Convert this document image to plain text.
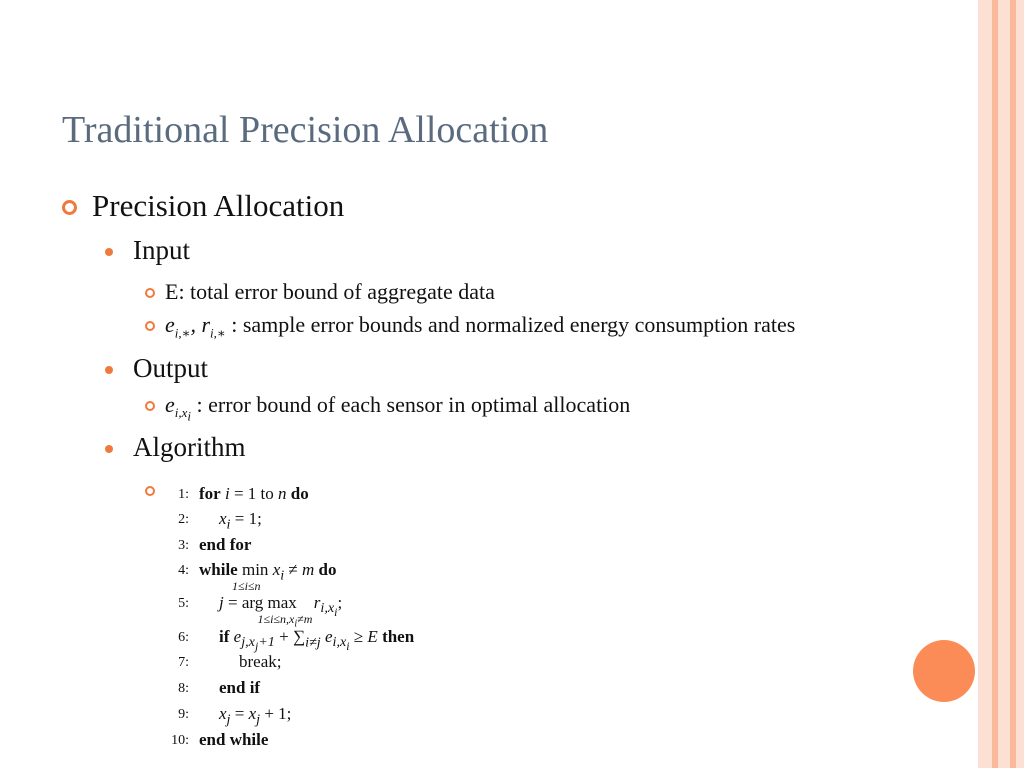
Traditional Precision Allocation
Precision Allocation
Input
E: total error bound of aggregate data
$e_{i,∗}$, $r_{i,∗}$ : sample error bounds and normalized energy consumption rates
Output
$e_{i,x_i}$ : error bound of each sensor in optimal allocation
Algorithm
1: for i = 1 to n do
2: $x_i = 1$;
3: end for
4: while min
1≤i≤n
$x_i \ne m$ do
5: j = arg max
$1\le i\le n,x_i\ne m$
$r_{i,x_i}$;
6: if $e_{j,x_j+1} + \sum_{i\ne j}$ $e_{i,x_i} \ge E$ then
7:	break;
8: end if
9: $x_j = x_j + 1$;
10: end while
